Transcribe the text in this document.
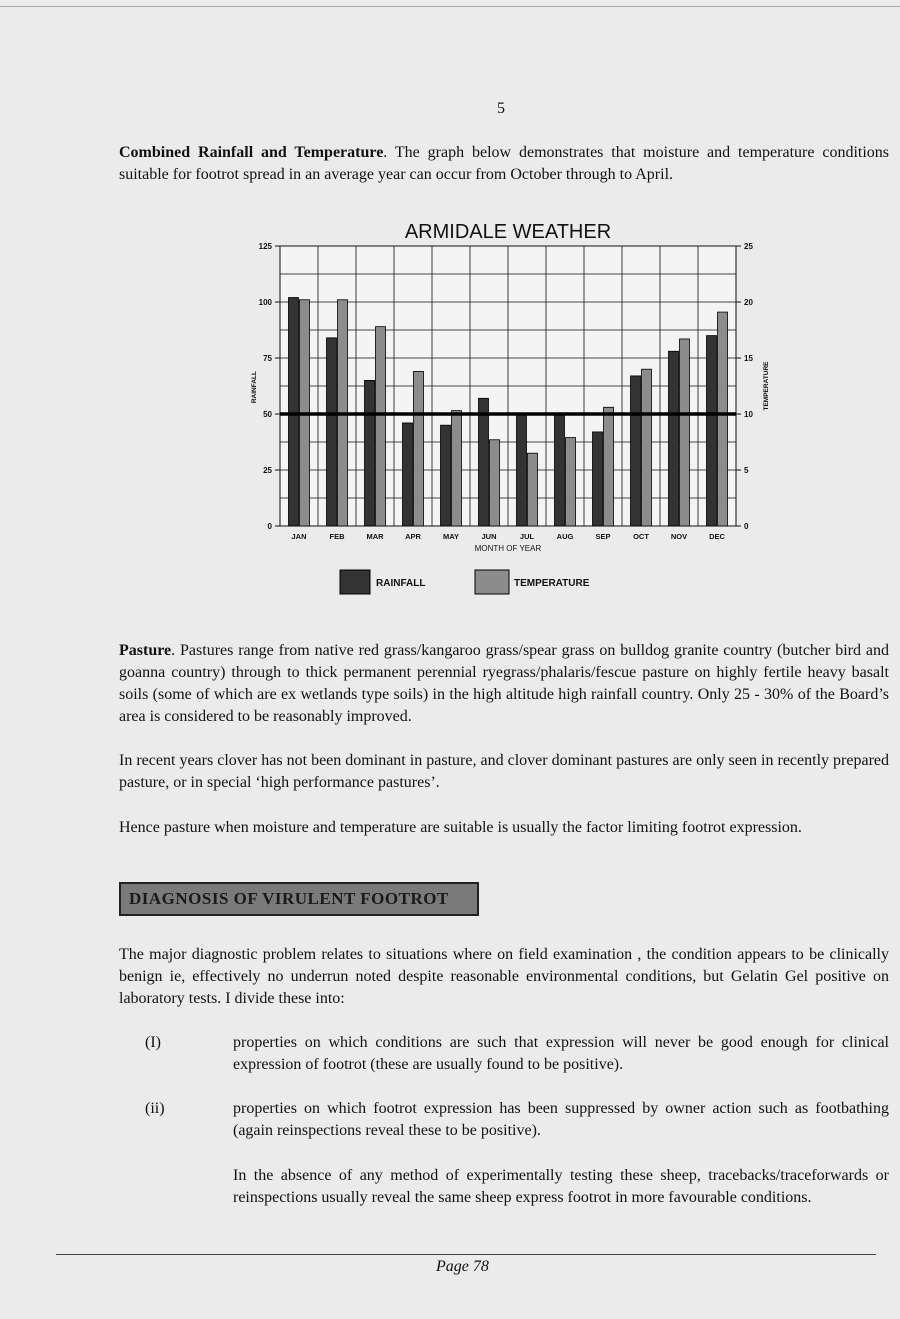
5

Combined Rainfall and Temperature. The graph below demonstrates that moisture and temperature conditions suitable for footrot spread in an average year can occur from October through to April.

JAN	FEB	MAR	APR	MAY	JUN	JUL	AUG	SEP	OCT	NOV	DEC
0
25
50
75
100
125
0
5
10
15
20
25
ARMIDALE WEATHER
MONTH OF YEAR
RAINFALL	TEMPERATURE
RAINFALL	TEMPERATURE

Pasture. Pastures range from native red grass/kangaroo grass/spear grass on bulldog granite country (butcher bird and goanna country) through to thick permanent perennial ryegrass/phalaris/fescue pasture on highly fertile heavy basalt soils (some of which are ex wetlands type soils) in the high altitude high rainfall country. Only 25 - 30% of the Board’s area is considered to be reasonably improved.

In recent years clover has not been dominant in pasture, and clover dominant pastures are only seen in recently prepared pasture, or in special ‘high performance pastures’.

Hence pasture when moisture and temperature are suitable is usually the factor limiting footrot expression.

DIAGNOSIS OF VIRULENT FOOTROT

The major diagnostic problem relates to situations where on field examination , the condition appears to be clinically benign ie, effectively no underrun noted despite reasonable environmental conditions, but Gelatin Gel positive on laboratory tests. I divide these into:

(I)	properties on which conditions are such that expression will never be good enough for clinical expression of footrot (these are usually found to be positive).

(ii)	properties on which footrot expression has been suppressed by owner action such as footbathing (again reinspections reveal these to be positive).

In the absence of any method of experimentally testing these sheep, tracebacks/traceforwards or reinspections usually reveal the same sheep express footrot in more favourable conditions.

Page 78
